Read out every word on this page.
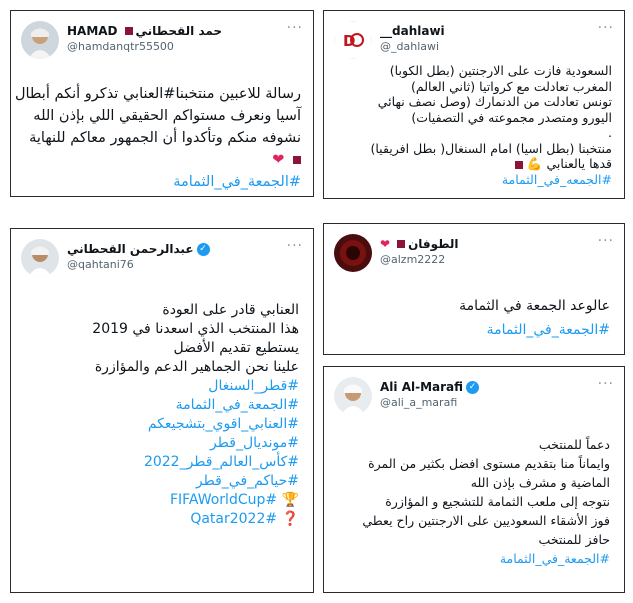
HAMAD حمد القحطاني
@hamdanqtr55500
···
رسالة للاعبين منتخبنا#العنابي تذكرو أنكم أبطال
آسيا ونعرف مستواكم الحقيقي اللي بإذن الله
نشوفه منكم وتأكدوا أن الجمهور معاكم للنهاية
❤
#الجمعة_في_الثمامة
D
__dahlawi
@_dahlawi
···
السعودية فازت على الارجنتين (بطل الكوبا)
المغرب تعادلت مع كرواتيا (ثاني العالم)
تونس تعادلت من الدنمارك (وصل نصف نهائي
اليورو ومتصدر مجموعته في التصفيات)
.
منتخبنا (بطل اسيا) امام السنغال( بطل افريقيا)
قدها يالعنابي 💪
#الجمعه_في_الثمامة
عبدالرحمن القحطاني ✓
@qahtani76
···
العنابي قادر على العودة
هذا المنتخب الذي اسعدنا في 2019
يستطيع تقديم الأفضل
علينا نحن الجماهير الدعم والمؤازرة
#قطر_السنغال
#الجمعة_في_الثمامة
#العنابي_اقوي_بتشجيعكم
#مونديال_قطر
#كأس_العالم_قطر_2022
#حياكم_في_قطر
🏆 #FIFAWorldCup
❓ #Qatar2022
❤ الطوفان
@alzm2222
···
عالوعد الجمعة في الثمامة
#الجمعة_في_الثمامة
Ali Al-Marafi ✓
@ali_a_marafi
···
دعماً للمنتخب
وايماناً منا بتقديم مستوى افضل بكثير من المرة
الماضية و مشرف بإذن الله
نتوجه إلى ملعب الثمامة للتشجيع و المؤازرة
فوز الأشقاء السعوديين على الارجنتين راح يعطي
حافز للمنتخب
#الجمعة_في_الثمامة
